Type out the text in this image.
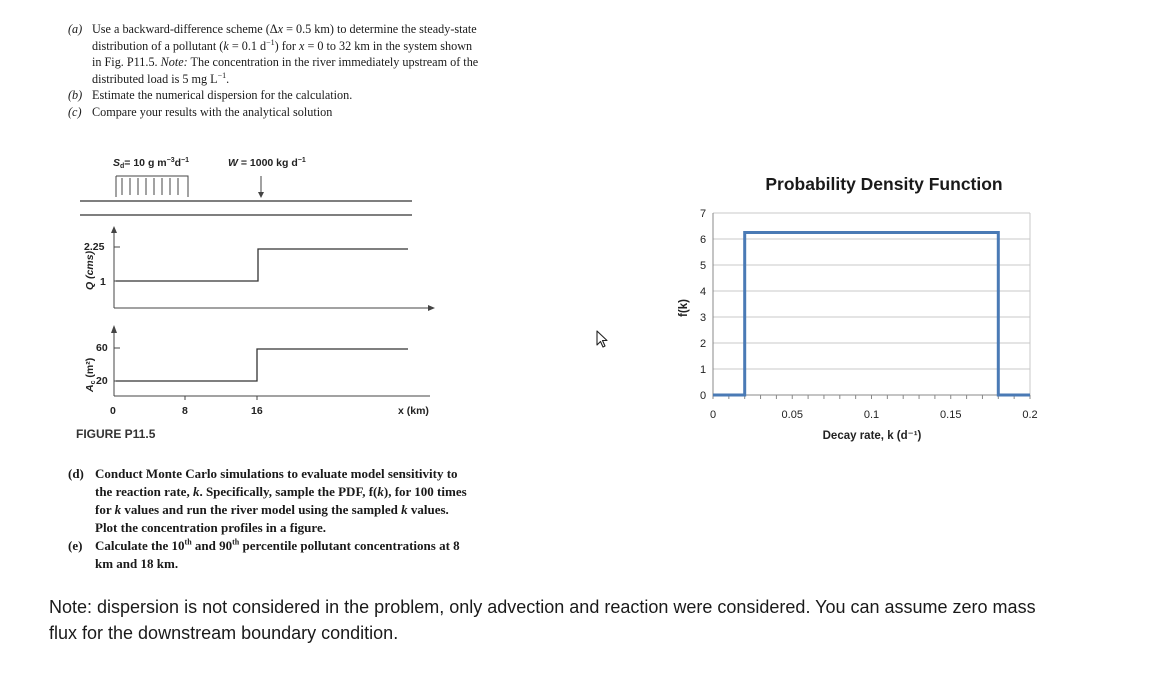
(a) Use a backward-difference scheme (Δx = 0.5 km) to determine the steady-state
distribution of a pollutant (k = 0.1 $d^{-1}$) for x = 0 to 32 km in the system shown
in Fig. P11.5. Note: The concentration in the river immediately upstream of the
distributed load is 5 mg $L^{-1}$.
(b) Estimate the numerical dispersion for the calculation.
(c) Compare your results with the analytical solution
Sd= 10 g $m^{-3}d^{-1}$	W = 1000 kg $d^{-1}$
2.25
1
Q (cms)
60
20
Ac (m²)
0	8	16	x (km)
FIGURE P11.5
(d) Conduct Monte Carlo simulations to evaluate model sensitivity to
the reaction rate, k. Specifically, sample the PDF, f(k), for 100 times
for k values and run the river model using the sampled k values.
Plot the concentration profiles in a figure.
(e) Calculate the 10th and 90th percentile pollutant concentrations at 8
km and 18 km.
Note: dispersion is not considered in the problem, only advection and reaction were considered. You can assume zero mass
flux for the downstream boundary condition.
Probability Density Function
0
1
2
3
4
5
6
7
0	0.05	0.1	0.15	0.2
f(k)
Decay rate, k (d⁻¹)
